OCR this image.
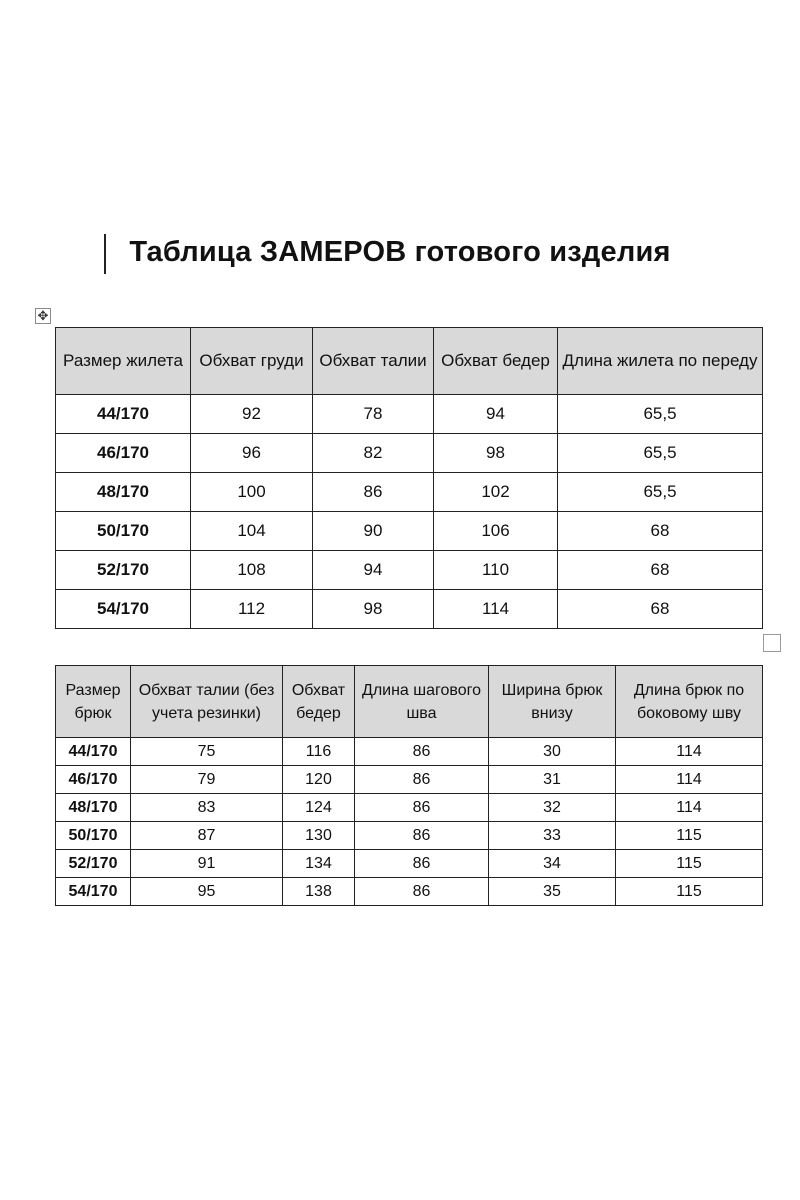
Таблица ЗАМЕРОВ готового изделия
✥
Размер жилета	Обхват груди	Обхват талии	Обхват бедер	Длина жилета по переду
44/170	92	78	94	65,5
46/170	96	82	98	65,5
48/170	100	86	102	65,5
50/170	104	90	106	68
52/170	108	94	110	68
54/170	112	98	114	68
Размер брюк	Обхват талии (без учета резинки)	Обхват бедер	Длина шагового шва	Ширина брюк внизу	Длина брюк по боковому шву
44/170	75	116	86	30	114
46/170	79	120	86	31	114
48/170	83	124	86	32	114
50/170	87	130	86	33	115
52/170	91	134	86	34	115
54/170	95	138	86	35	115
